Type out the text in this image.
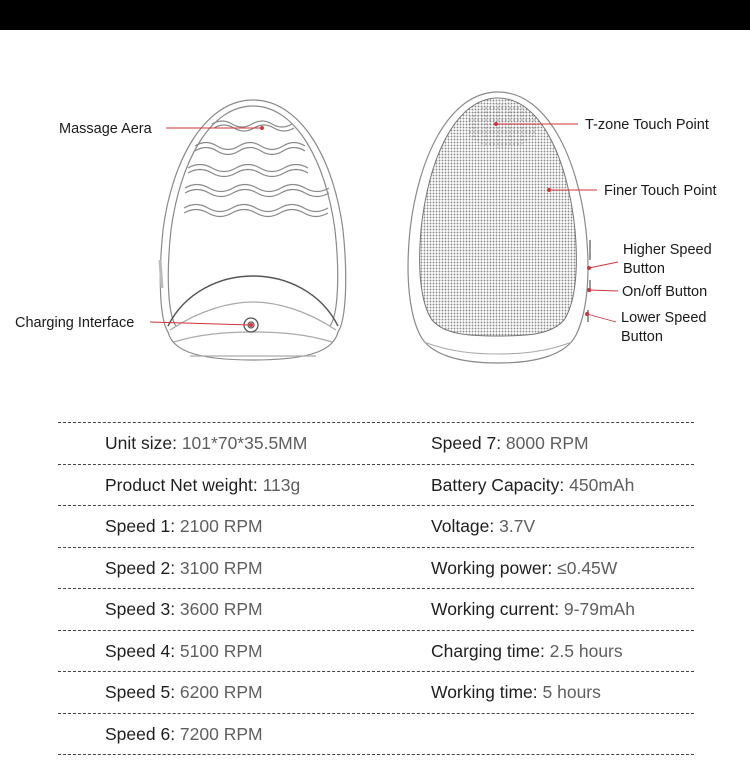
Massage Aera
Charging Interface
T-zone Touch Point
Finer Touch Point
Higher Speed
Button
On/off Button
Lower Speed
Button
Unit size: 101*70*35.5MM	Speed 7: 8000 RPM
Product Net weight: 113g	Battery Capacity: 450mAh
Speed 1: 2100 RPM	Voltage: 3.7V
Speed 2: 3100 RPM	Working power: ≤0.45W
Speed 3: 3600 RPM	Working current: 9-79mAh
Speed 4: 5100 RPM	Charging time: 2.5 hours
Speed 5: 6200 RPM	Working time: 5 hours
Speed 6: 7200 RPM
